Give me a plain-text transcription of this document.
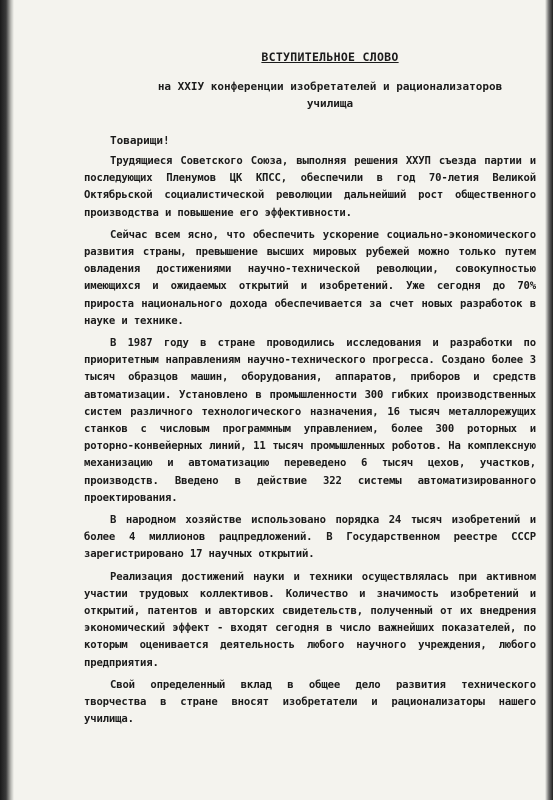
ВСТУПИТЕЛЬНОЕ СЛОВО
на XXIУ конференции изобретателей и рационализаторов
училища
Товарищи!

Трудящиеся Советского Союза, выполняя решения XXУП съезда партии и последующих Пленумов ЦК КПСС, обеспечили в год 70-летия Великой Октябрьской социалистической революции дальнейший рост общественного производства и повышение его эффективности.

Сейчас всем ясно, что обеспечить ускорение социально-экономического развития страны, превышение высших мировых рубежей можно только путем овладения достижениями научно-технической революции, совокупностью имеющихся и ожидаемых открытий и изобретений. Уже сегодня до 70% прироста национального дохода обеспечивается за счет новых разработок в науке и технике.

В 1987 году в стране проводились исследования и разработки по приоритетным направлениям научно-технического прогресса. Создано более 3 тысяч образцов машин, оборудования, аппаратов, приборов и средств автоматизации. Установлено в промышленности 300 гибких производственных систем различного технологического назначения, 16 тысяч металлорежущих станков с числовым программным управлением, более 300 роторных и роторно-конвейерных линий, 11 тысяч промышленных роботов. На комплексную механизацию и автоматизацию переведено 6 тысяч цехов, участков, производств. Введено в действие 322 системы автоматизированного проектирования.

В народном хозяйстве использовано порядка 24 тысяч изобретений и более 4 миллионов рацпредложений. В Государственном реестре СССР зарегистрировано 17 научных открытий.

Реализация достижений науки и техники осуществлялась при активном участии трудовых коллективов. Количество и значимость изобретений и открытий, патентов и авторских свидетельств, полученный от их внедрения экономический эффект - входят сегодня в число важнейших показателей, по которым оценивается деятельность любого научного учреждения, любого предприятия.

Свой определенный вклад в общее дело развития технического творчества в стране вносят изобретатели и рационализаторы нашего училища.
